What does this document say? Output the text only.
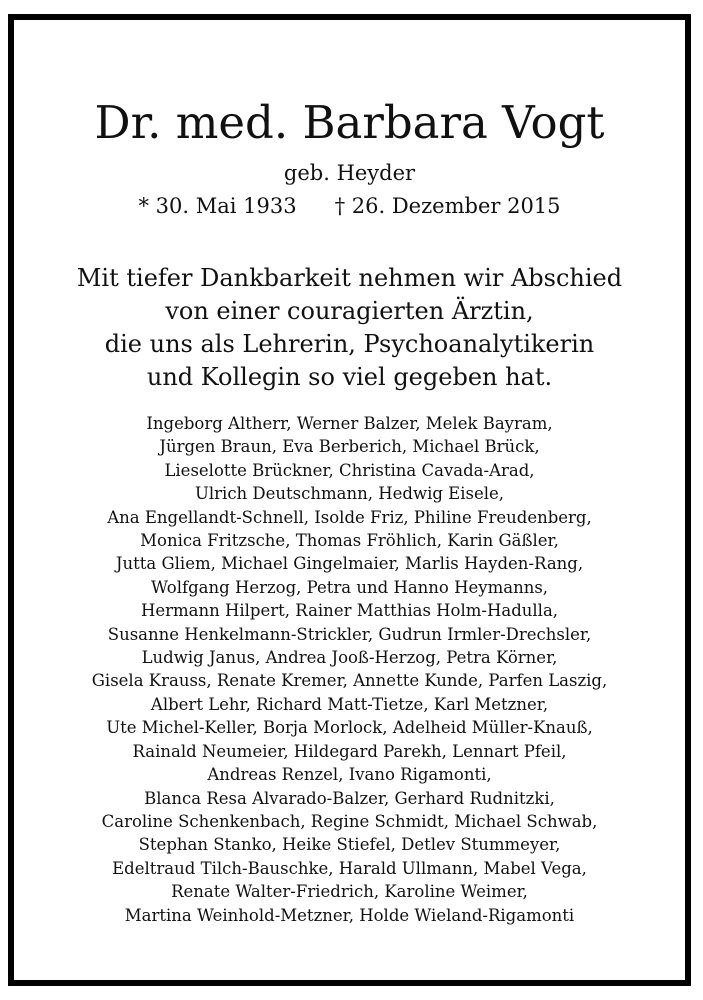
Dr. med. Barbara Vogt
geb. Heyder
* 30. Mai 1933 † 26. Dezember 2015
Mit tiefer Dankbarkeit nehmen wir Abschied
von einer couragierten Ärztin,
die uns als Lehrerin, Psychoanalytikerin
und Kollegin so viel gegeben hat.
Ingeborg Altherr, Werner Balzer, Melek Bayram,
Jürgen Braun, Eva Berberich, Michael Brück,
Lieselotte Brückner, Christina Cavada-Arad,
Ulrich Deutschmann, Hedwig Eisele,
Ana Engellandt-Schnell, Isolde Friz, Philine Freudenberg,
Monica Fritzsche, Thomas Fröhlich, Karin Gäßler,
Jutta Gliem, Michael Gingelmaier, Marlis Hayden-Rang,
Wolfgang Herzog, Petra und Hanno Heymanns,
Hermann Hilpert, Rainer Matthias Holm-Hadulla,
Susanne Henkelmann-Strickler, Gudrun Irmler-Drechsler,
Ludwig Janus, Andrea Jooß-Herzog, Petra Körner,
Gisela Krauss, Renate Kremer, Annette Kunde, Parfen Laszig,
Albert Lehr, Richard Matt-Tietze, Karl Metzner,
Ute Michel-Keller, Borja Morlock, Adelheid Müller-Knauß,
Rainald Neumeier, Hildegard Parekh, Lennart Pfeil,
Andreas Renzel, Ivano Rigamonti,
Blanca Resa Alvarado-Balzer, Gerhard Rudnitzki,
Caroline Schenkenbach, Regine Schmidt, Michael Schwab,
Stephan Stanko, Heike Stiefel, Detlev Stummeyer,
Edeltraud Tilch-Bauschke, Harald Ullmann, Mabel Vega,
Renate Walter-Friedrich, Karoline Weimer,
Martina Weinhold-Metzner, Holde Wieland-Rigamonti
